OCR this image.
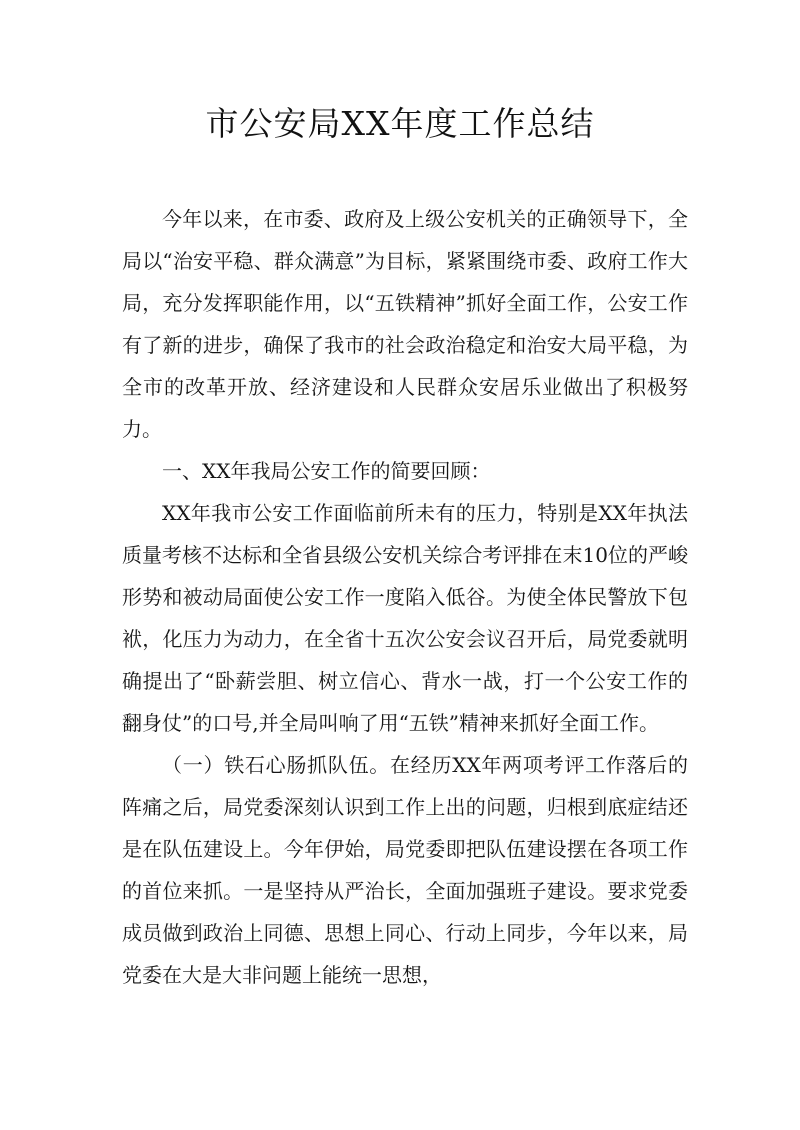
市公安局XX年度工作总结

今年以来，在市委、政府及上级公安机关的正确领导下，全局以“治安平稳、群众满意”为目标，紧紧围绕市委、政府工作大局，充分发挥职能作用，以“五铁精神”抓好全面工作，公安工作有了新的进步，确保了我市的社会政治稳定和治安大局平稳，为全市的改革开放、经济建设和人民群众安居乐业做出了积极努力。

一、XX年我局公安工作的简要回顾：

XX年我市公安工作面临前所未有的压力，特别是XX年执法质量考核不达标和全省县级公安机关综合考评排在末10位的严峻形势和被动局面使公安工作一度陷入低谷。为使全体民警放下包袱，化压力为动力，在全省十五次公安会议召开后，局党委就明确提出了“卧薪尝胆、树立信心、背水一战，打一个公安工作的翻身仗”的口号,并全局叫响了用“五铁”精神来抓好全面工作。

（一）铁石心肠抓队伍。在经历XX年两项考评工作落后的阵痛之后，局党委深刻认识到工作上出的问题，归根到底症结还是在队伍建设上。今年伊始，局党委即把队伍建设摆在各项工作的首位来抓。一是坚持从严治长，全面加强班子建设。要求党委成员做到政治上同德、思想上同心、行动上同步，今年以来，局党委在大是大非问题上能统一思想，
